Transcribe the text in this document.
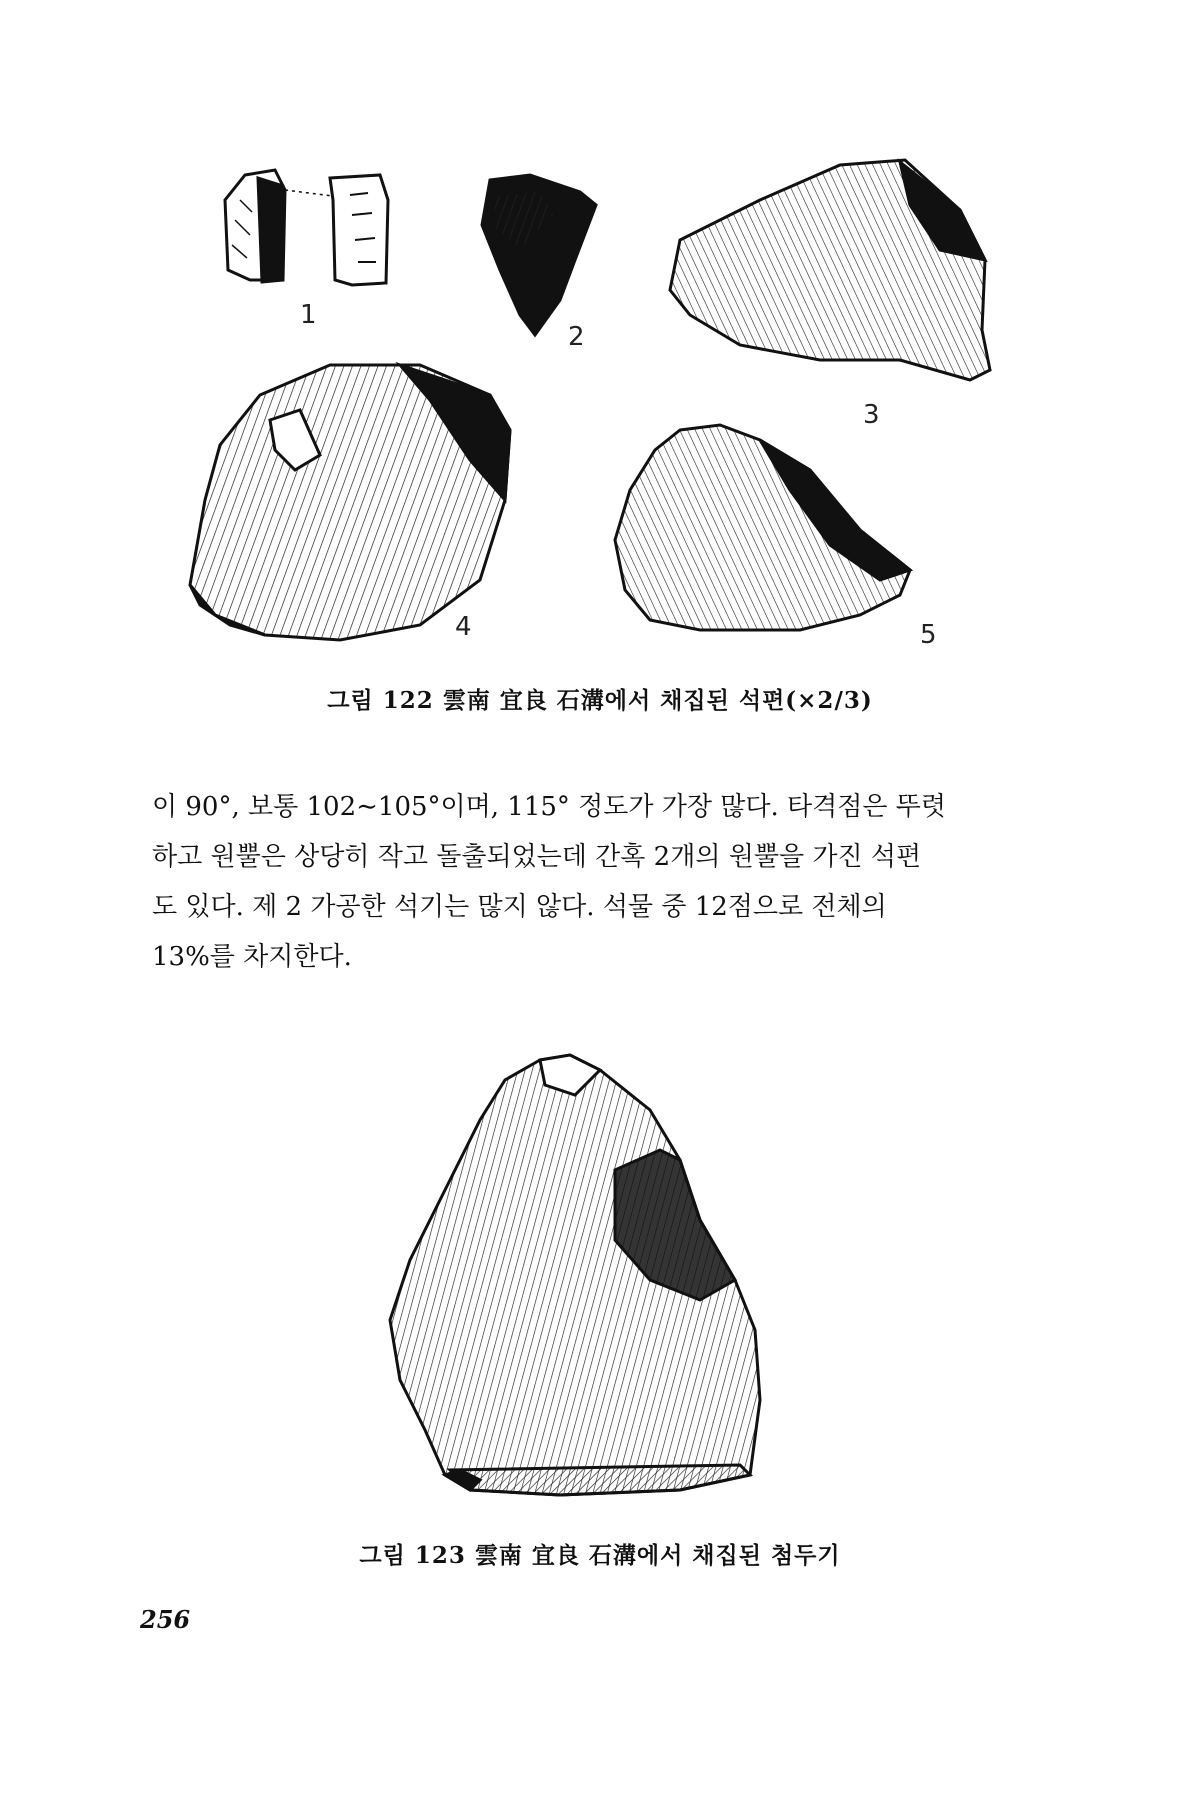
1
2
3
4	5
그림 122 雲南 宜良 石溝에서 채집된 석편(×2/3)
이 90°, 보통 102∼105°이며, 115° 정도가 가장 많다. 타격점은 뚜렷
하고 원뿔은 상당히 작고 돌출되었는데 간혹 2개의 원뿔을 가진 석편
도 있다. 제 2 가공한 석기는 많지 않다. 석물 중 12점으로 전체의
13%를 차지한다.
그림 123 雲南 宜良 石溝에서 채집된 첨두기
256
